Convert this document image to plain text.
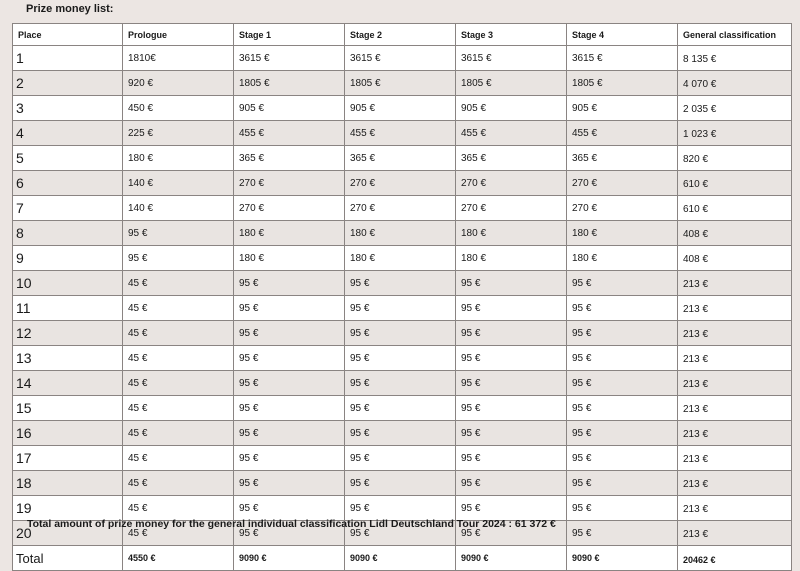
Prize money list:
Place	Prologue	Stage 1	Stage 2	Stage 3	Stage 4	General classification
1	1810€	3615 €	3615 €	3615 €	3615 €	8 135 €
2	920 €	1805 €	1805 €	1805 €	1805 €	4 070 €
3	450 €	905 €	905 €	905 €	905 €	2 035 €
4	225 €	455 €	455 €	455 €	455 €	1 023 €
5	180 €	365 €	365 €	365 €	365 €	820 €
6	140 €	270 €	270 €	270 €	270 €	610 €
7	140 €	270 €	270 €	270 €	270 €	610 €
8	95 €	180 €	180 €	180 €	180 €	408 €
9	95 €	180 €	180 €	180 €	180 €	408 €
10	45 €	95 €	95 €	95 €	95 €	213 €
11	45 €	95 €	95 €	95 €	95 €	213 €
12	45 €	95 €	95 €	95 €	95 €	213 €
13	45 €	95 €	95 €	95 €	95 €	213 €
14	45 €	95 €	95 €	95 €	95 €	213 €
15	45 €	95 €	95 €	95 €	95 €	213 €
16	45 €	95 €	95 €	95 €	95 €	213 €
17	45 €	95 €	95 €	95 €	95 €	213 €
18	45 €	95 €	95 €	95 €	95 €	213 €
19	45 €	95 €	95 €	95 €	95 €	213 €
20	45 €	95 €	95 €	95 €	95 €	213 €
Total	4550 €	9090 €	9090 €	9090 €	9090 €	20462 €
Total amount of prize money for the general individual classification Lidl Deutschland Tour 2024 : 61 372 €
